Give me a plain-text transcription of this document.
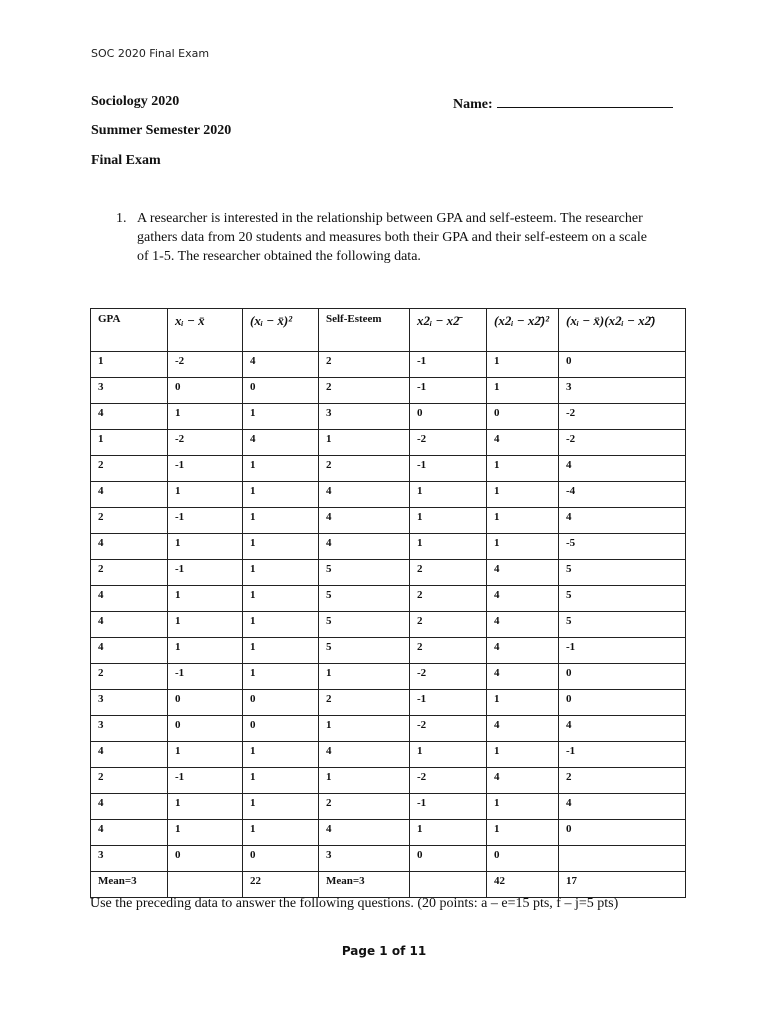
SOC 2020 Final Exam
Sociology 2020	Name:
Summer Semester 2020
Final Exam
1. A researcher is interested in the relationship between GPA and self-esteem. The researcher gathers data from 20 students and measures both their GPA and their self-esteem on a scale of 1-5. The researcher obtained the following data.
GPA	xᵢ − x̄	(xᵢ − x̄)²	Self-Esteem	x2ᵢ − x2̄	(x2ᵢ − x2̄)²	(xᵢ − x̄)(x2ᵢ − x2̄)
1	-2	4	2	-1	1	0
3	0	0	2	-1	1	3
4	1	1	3	0	0	-2
1	-2	4	1	-2	4	-2
2	-1	1	2	-1	1	4
4	1	1	4	1	1	-4
2	-1	1	4	1	1	4
4	1	1	4	1	1	-5
2	-1	1	5	2	4	5
4	1	1	5	2	4	5
4	1	1	5	2	4	5
4	1	1	5	2	4	-1
2	-1	1	1	-2	4	0
3	0	0	2	-1	1	0
3	0	0	1	-2	4	4
4	1	1	4	1	1	-1
2	-1	1	1	-2	4	2
4	1	1	2	-1	1	4
4	1	1	4	1	1	0
3	0	0	3	0	0	
Mean=3		22	Mean=3		42	17
Use the preceding data to answer the following questions. (20 points: a – e=15 pts, f – j=5 pts)
Page 1 of 11
